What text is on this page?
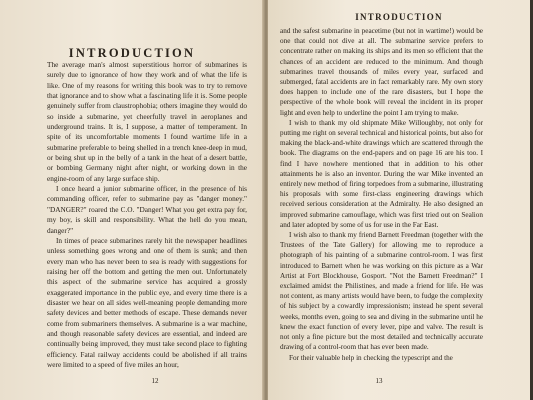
INTRODUCTION

The average man's almost superstitious horror of submarines is surely due to ignorance of how they work and of what the life is like. One of my reasons for writing this book was to try to remove that ignorance and to show what a fascinating life it is. Some people genuinely suffer from claustrophobia; others imagine they would do so inside a submarine, yet cheerfully travel in aeroplanes and underground trains. It is, I suppose, a matter of temperament. In spite of its uncomfortable moments I found wartime life in a submarine preferable to being shelled in a trench knee-deep in mud, or being shut up in the belly of a tank in the heat of a desert battle, or bombing Germany night after night, or working down in the engine-room of any large surface ship.

I once heard a junior submarine officer, in the presence of his commanding officer, refer to submarine pay as "danger money." "DANGER?" roared the C.O. "Danger! What you get extra pay for, my boy, is skill and responsibility. What the hell do you mean, danger?"

In times of peace submarines rarely hit the newspaper headlines unless something goes wrong and one of them is sunk; and then every man who has never been to sea is ready with suggestions for raising her off the bottom and getting the men out. Unfortunately this aspect of the submarine service has acquired a grossly exaggerated importance in the public eye, and every time there is a disaster we hear on all sides well-meaning people demanding more safety devices and better methods of escape. These demands never come from submariners themselves. A submarine is a war machine, and though reasonable safety devices are essential, and indeed are continually being improved, they must take second place to fighting efficiency. Fatal railway accidents could be abolished if all trains were limited to a speed of five miles an hour,

12
INTRODUCTION

and the safest submarine in peacetime (but not in wartime!) would be one that could not dive at all. The submarine service prefers to concentrate rather on making its ships and its men so efficient that the chances of an accident are reduced to the minimum. And though submarines travel thousands of miles every year, surfaced and submerged, fatal accidents are in fact remarkably rare. My own story does happen to include one of the rare disasters, but I hope the perspective of the whole book will reveal the incident in its proper light and even help to underline the point I am trying to make.

I wish to thank my old shipmate Mike Willoughby, not only for putting me right on several technical and historical points, but also for making the black-and-white drawings which are scattered through the book. The diagrams on the end-papers and on page 16 are his too. I find I have nowhere mentioned that in addition to his other attainments he is also an inventor. During the war Mike invented an entirely new method of firing torpedoes from a submarine, illustrating his proposals with some first-class engineering drawings which received serious consideration at the Admiralty. He also designed an improved submarine camouflage, which was first tried out on Sealion and later adopted by some of us for use in the Far East.

I wish also to thank my friend Barnett Freedman (together with the Trustees of the Tate Gallery) for allowing me to reproduce a photograph of his painting of a submarine control-room. I was first introduced to Barnett when he was working on this picture as a War Artist at Fort Blockhouse, Gosport. "Not the Barnett Freedman?" I exclaimed amidst the Philistines, and made a friend for life. He was not content, as many artists would have been, to fudge the complexity of his subject by a cowardly impressionism; instead he spent several weeks, months even, going to sea and diving in the submarine until he knew the exact function of every lever, pipe and valve. The result is not only a fine picture but the most detailed and technically accurate drawing of a control-room that has ever been made.

For their valuable help in checking the typescript and the

13
